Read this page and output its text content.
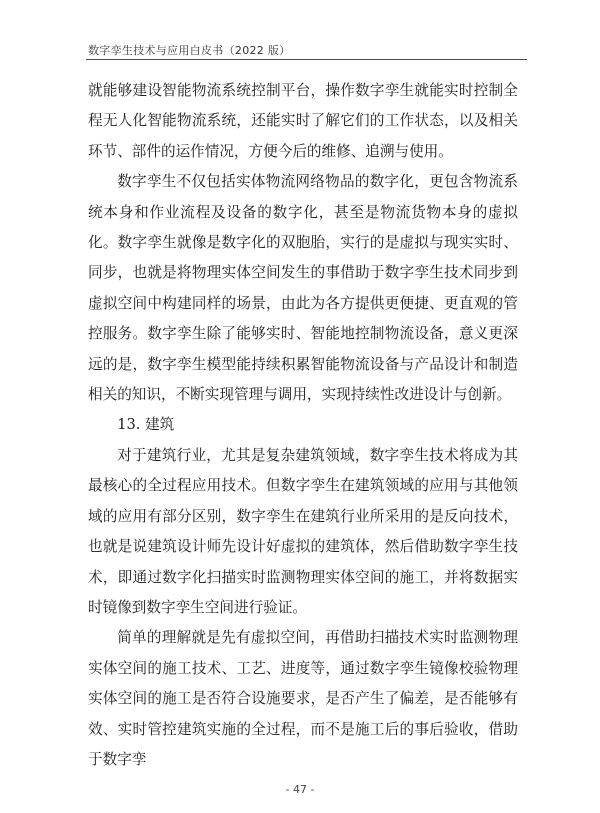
数字孪生技术与应用白皮书（2022 版）

就能够建设智能物流系统控制平台，操作数字孪生就能实时控制全程无人化智能物流系统，还能实时了解它们的工作状态，以及相关环节、部件的运作情况，方便今后的维修、追溯与使用。

数字孪生不仅包括实体物流网络物品的数字化，更包含物流系统本身和作业流程及设备的数字化，甚至是物流货物本身的虚拟化。数字孪生就像是数字化的双胞胎，实行的是虚拟与现实实时、同步，也就是将物理实体空间发生的事借助于数字孪生技术同步到虚拟空间中构建同样的场景，由此为各方提供更便捷、更直观的管控服务。数字孪生除了能够实时、智能地控制物流设备，意义更深远的是，数字孪生模型能持续积累智能物流设备与产品设计和制造相关的知识，不断实现管理与调用，实现持续性改进设计与创新。

13. 建筑

对于建筑行业，尤其是复杂建筑领域，数字孪生技术将成为其最核心的全过程应用技术。但数字孪生在建筑领域的应用与其他领域的应用有部分区别，数字孪生在建筑行业所采用的是反向技术，也就是说建筑设计师先设计好虚拟的建筑体，然后借助数字孪生技术，即通过数字化扫描实时监测物理实体空间的施工，并将数据实时镜像到数字孪生空间进行验证。

简单的理解就是先有虚拟空间，再借助扫描技术实时监测物理实体空间的施工技术、工艺、进度等，通过数字孪生镜像校验物理实体空间的施工是否符合设施要求，是否产生了偏差，是否能够有效、实时管控建筑实施的全过程，而不是施工后的事后验收，借助于数字孪

- 47 -
